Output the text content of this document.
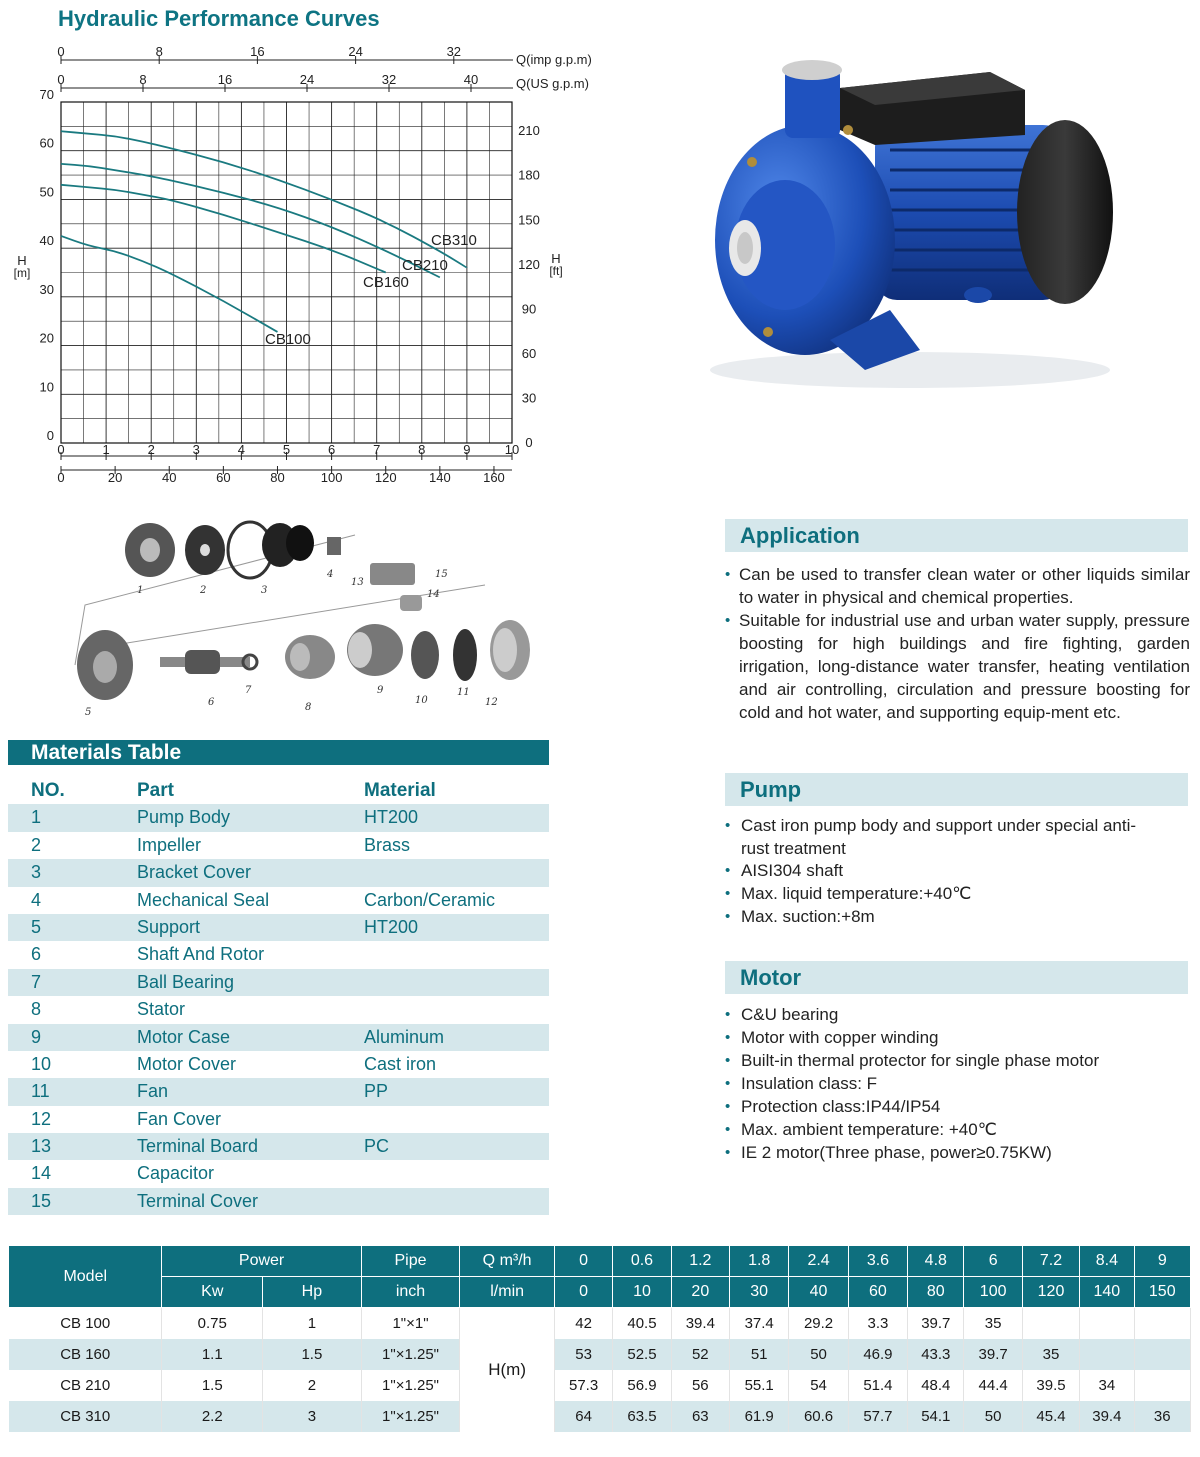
Hydraulic Performance Curves
0	8	16	24	32
Q(imp g.p.m)
0	8	16	24	32	40	Q(US g.p.m)
0
10
20
30
40
50
60
70
H
[m]
0
30
60
90
120
150
180
210
H
[ft]
0	1	2	3	4	5	6	7	8	9	10
0	20	40	60	80	100 120 140 160
CB310
CB210
CB160
CB100
1	2	3
4
5
6
7
8
9
10
11
12
13
14
15
Materials Table
NO.	Part	Material
1	Pump Body	HT200
2	Impeller	Brass
3	Bracket Cover
4	Mechanical Seal	Carbon/Ceramic
5	Support	HT200
6	Shaft And Rotor
7	Ball Bearing
8	Stator
9	Motor Case	Aluminum
10	Motor Cover	Cast iron
11	Fan	PP
12	Fan Cover
13	Terminal Board	PC
14	Capacitor
15	Terminal Cover
Application
• Can be used to transfer clean water or other liquids similar to water in physical and chemical properties.
• Suitable for industrial use and urban water supply, pressure boosting for high buildings and fire fighting, garden irrigation, long-distance water transfer, heating ventilation and air controlling, circulation and pressure boosting for cold and hot water, and supporting equip-ment etc.
Pump
• Cast iron pump body and support under special anti-rust treatment
• AISI304 shaft
• Max. liquid temperature:+40℃
• Max. suction:+8m
Motor
• C&U bearing
• Motor with copper winding
• Built-in thermal protector for single phase motor
• Insulation class: F
• Protection class:IP44/IP54
• Max. ambient temperature: +40℃
• IE 2 motor(Three phase, power≥0.75KW)
Model	Power		Pipe	Q m³/h	0	0.6	1.2	1.8	2.4	3.6	4.8	6	7.2	8.4	9
	Kw	Hp	inch	l/min	0	10	20	30	40	60	80	100	120	140	150
CB 100	0.75	1	1"×1"	H(m)	42	40.5	39.4	37.4	29.2	3.3	39.7	35			
CB 160	1.1	1.5	1"×1.25"		53	52.5	52	51	50	46.9	43.3	39.7	35		
CB 210	1.5	2	1"×1.25"		57.3	56.9	56	55.1	54	51.4	48.4	44.4	39.5	34	
CB 310	2.2	3	1"×1.25"		64	63.5	63	61.9	60.6	57.7	54.1	50	45.4	39.4	36
